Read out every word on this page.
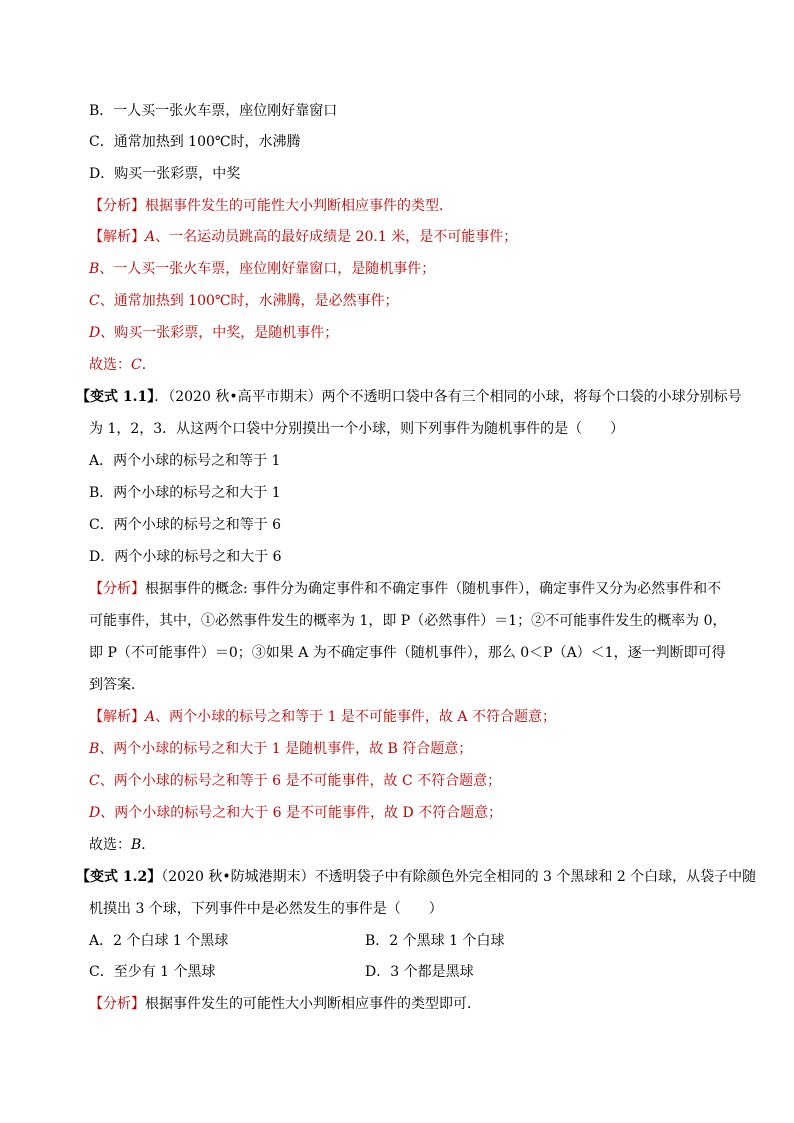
B．一人买一张火车票，座位刚好靠窗口
C．通常加热到 100℃时，水沸腾
D．购买一张彩票，中奖
【分析】根据事件发生的可能性大小判断相应事件的类型．
【解析】A、一名运动员跳高的最好成绩是 20.1 米，是不可能事件；
B、一人买一张火车票，座位刚好靠窗口，是随机事件；
C、通常加热到 100℃时，水沸腾，是必然事件；
D、购买一张彩票，中奖，是随机事件；
故选：C．
【变式 1.1】．（2020 秋•高平市期末）两个不透明口袋中各有三个相同的小球，将每个口袋的小球分别标号
为 1，2，3．从这两个口袋中分别摸出一个小球，则下列事件为随机事件的是（　　）
A．两个小球的标号之和等于 1
B．两个小球的标号之和大于 1
C．两个小球的标号之和等于 6
D．两个小球的标号之和大于 6
【分析】根据事件的概念: 事件分为确定事件和不确定事件（随机事件），确定事件又分为必然事件和不
可能事件，其中，①必然事件发生的概率为 1，即 P（必然事件）＝1；②不可能事件发生的概率为 0，
即 P（不可能事件）＝0；③如果 A 为不确定事件（随机事件），那么 0＜P（A）＜1，逐一判断即可得
到答案．
【解析】A、两个小球的标号之和等于 1 是不可能事件，故 A 不符合题意；
B、两个小球的标号之和大于 1 是随机事件，故 B 符合题意；
C、两个小球的标号之和等于 6 是不可能事件，故 C 不符合题意；
D、两个小球的标号之和大于 6 是不可能事件，故 D 不符合题意；
故选：B．
【变式 1.2】（2020 秋•防城港期末）不透明袋子中有除颜色外完全相同的 3 个黑球和 2 个白球，从袋子中随
机摸出 3 个球，下列事件中是必然发生的事件是（　　）
A．2 个白球 1 个黑球	B．2 个黑球 1 个白球
C．至少有 1 个黑球	D．3 个都是黑球
【分析】根据事件发生的可能性大小判断相应事件的类型即可．
